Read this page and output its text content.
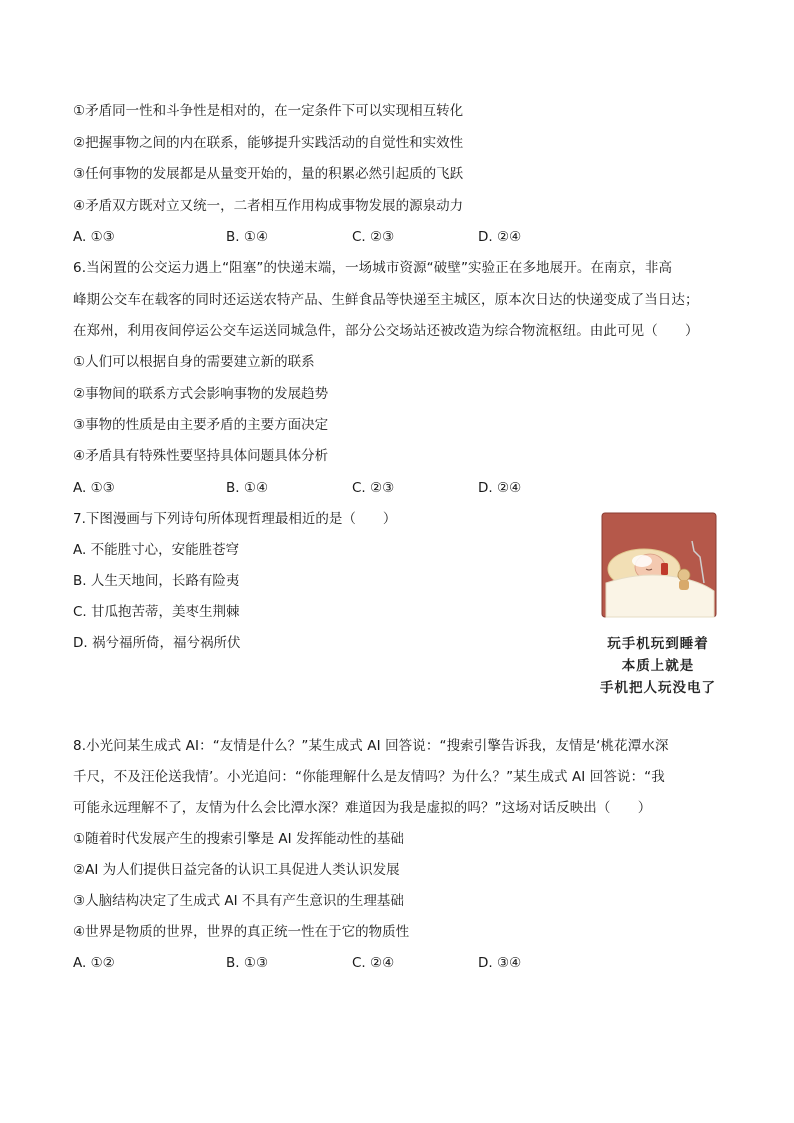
①矛盾同一性和斗争性是相对的，在一定条件下可以实现相互转化
②把握事物之间的内在联系，能够提升实践活动的自觉性和实效性
③任何事物的发展都是从量变开始的，量的积累必然引起质的飞跃
④矛盾双方既对立又统一，二者相互作用构成事物发展的源泉动力
A. ①③	B. ①④	C. ②③	D. ②④
6.当闲置的公交运力遇上“阻塞”的快递末端，一场城市资源“破壁”实验正在多地展开。在南京，非高
峰期公交车在载客的同时还运送农特产品、生鲜食品等快递至主城区，原本次日达的快递变成了当日达；
在郑州，利用夜间停运公交车运送同城急件，部分公交场站还被改造为综合物流枢纽。由此可见（　　）
①人们可以根据自身的需要建立新的联系
②事物间的联系方式会影响事物的发展趋势
③事物的性质是由主要矛盾的主要方面决定
④矛盾具有特殊性要坚持具体问题具体分析
A. ①③	B. ①④	C. ②③	D. ②④
7.下图漫画与下列诗句所体现哲理最相近的是（　　）
A. 不能胜寸心，安能胜苍穹
B. 人生天地间，长路有险夷
C. 甘瓜抱苦蒂，美枣生荆棘
D. 祸兮福所倚，福兮祸所伏	玩手机玩到睡着
本质上就是
手机把人玩没电了
8.小光问某生成式 AI：“友情是什么？”某生成式 AI 回答说：“搜索引擎告诉我，友情是‘桃花潭水深
千尺，不及汪伦送我情’。小光追问：“你能理解什么是友情吗？为什么？”某生成式 AI 回答说：“我
可能永远理解不了，友情为什么会比潭水深？难道因为我是虚拟的吗？”这场对话反映出（　　）
①随着时代发展产生的搜索引擎是 AI 发挥能动性的基础
②AI 为人们提供日益完备的认识工具促进人类认识发展
③人脑结构决定了生成式 AI 不具有产生意识的生理基础
④世界是物质的世界，世界的真正统一性在于它的物质性
A. ①②	B. ①③	C. ②④	D. ③④
